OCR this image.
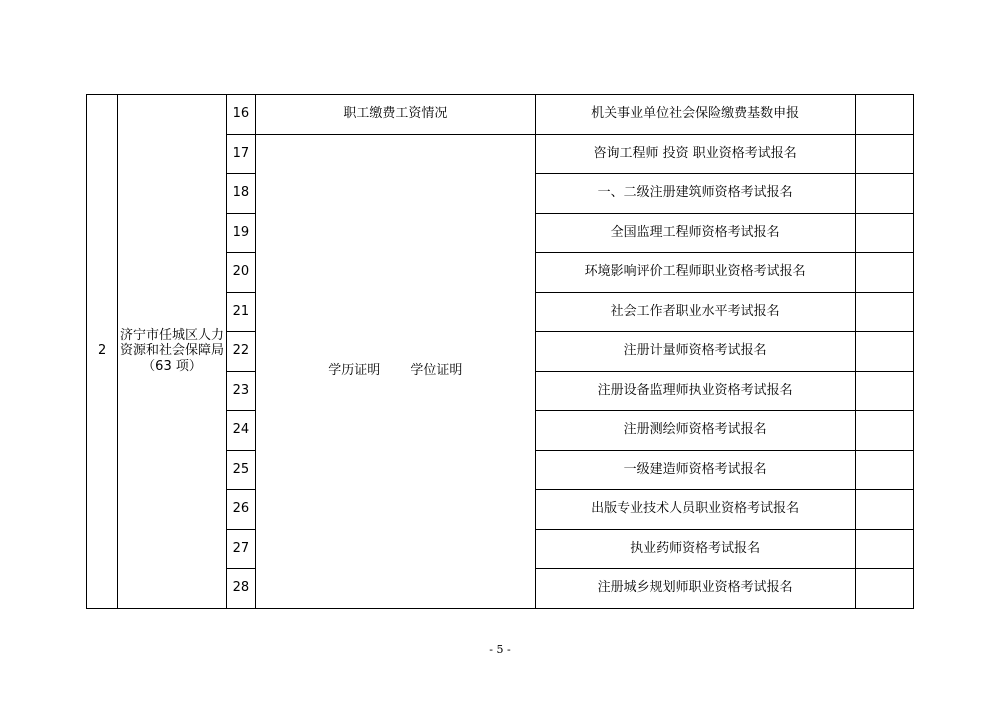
2	济宁市任城区人力
资源和社会保障局
（63 项）	16	职工缴费工资情况	机关事业单位社会保险缴费基数申报	
		17	学历证明 学位证明	咨询工程师 投资 职业资格考试报名	
		18		一、二级注册建筑师资格考试报名	
		19		全国监理工程师资格考试报名	
		20		环境影响评价工程师职业资格考试报名	
		21		社会工作者职业水平考试报名	
		22		注册计量师资格考试报名	
		23		注册设备监理师执业资格考试报名	
		24		注册测绘师资格考试报名	
		25		一级建造师资格考试报名	
		26		出版专业技术人员职业资格考试报名	
		27		执业药师资格考试报名	
		28		注册城乡规划师职业资格考试报名	
- 5 -
